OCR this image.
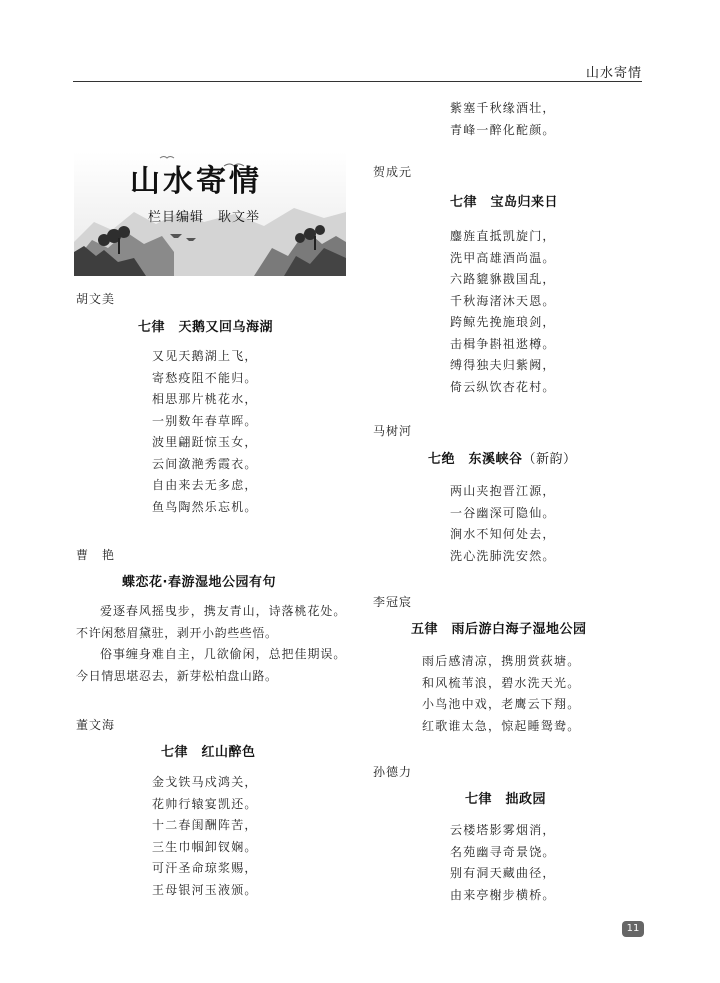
山水寄情
山水寄情
栏目编辑　耿文举
胡文美
七律　天鹅又回乌海湖
又见天鹅湖上飞，
寄愁疫阻不能归。
相思那片桃花水，
一别数年春草晖。
波里翩跹惊玉女，
云间潋滟秀霞衣。
自由来去无多虑，
鱼鸟陶然乐忘机。
曹　艳
蝶恋花·春游湿地公园有句

爱逐春风摇曳步，携友青山，诗落桃花处。不许闲愁眉黛驻，剥开小韵些些悟。

俗事缠身难自主，几欲偷闲，总把佳期误。今日情思堪忍去，新芽松柏盘山路。

董文海
七律　红山醉色
金戈铁马戍鸿关，
花帅行辕宴凯还。
十二春闺酬阵苦，
三生巾帼卸钗娴。
可汗圣命琼浆赐，
王母银河玉液颁。
紫塞千秋缘酒壮，
青峰一醉化酡颜。
贺成元
七律　宝岛归来日
鏖旌直抵凯旋门，
洗甲高雄酒尚温。
六路貔貅戡国乱，
千秋海渚沐天恩。
跨鲸先挽施琅剑，
击楫争斟祖逖樽。
缚得独夫归紫阙，
倚云纵饮杏花村。
马树河
七绝　东溪峡谷（新韵）
两山夹抱晋江源，
一谷幽深可隐仙。
涧水不知何处去，
洗心洗肺洗安然。
李冠宸
五律　雨后游白海子湿地公园
雨后感清凉，携朋赏荻塘。
和风梳苇浪，碧水洗天光。
小鸟池中戏，老鹰云下翔。
红歌谁太急，惊起睡鸳鸯。
孙德力
七律　拙政园
云楼塔影雾烟消，
名苑幽寻奇景饶。
别有洞天藏曲径，
由来亭榭步横桥。
11
